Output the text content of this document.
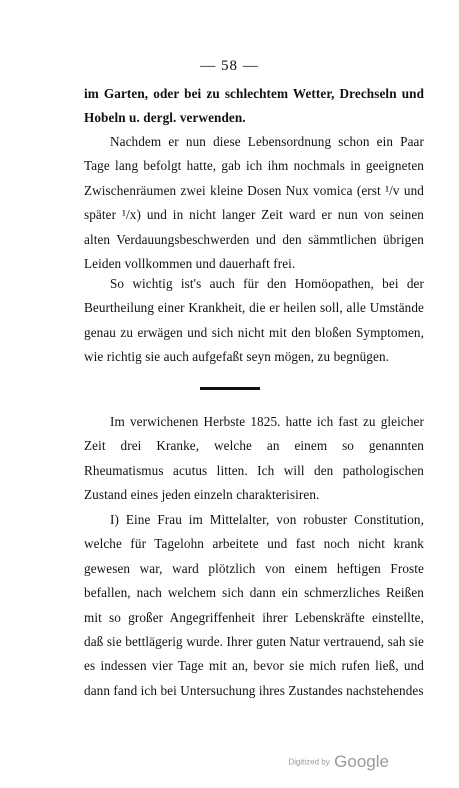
— 58 —

im Garten, oder bei zu schlechtem Wetter, Drechseln und Hobeln u. dergl. verwenden.

Nachdem er nun diese Lebensordnung schon ein Paar Tage lang befolgt hatte, gab ich ihm nochmals in geeigneten Zwischenräumen zwei kleine Dosen Nux vomica (erst ¹/v und später ¹/x) und in nicht langer Zeit ward er nun von seinen alten Verdauungsbeschwerden und den sämmtlichen übrigen Leiden vollkommen und dauerhaft frei.

So wichtig ist's auch für den Homöopathen, bei der Beurtheilung einer Krankheit, die er heilen soll, alle Umstände genau zu erwägen und sich nicht mit den bloßen Symptomen, wie richtig sie auch aufgefaßt seyn mögen, zu begnügen.

Im verwichenen Herbste 1825. hatte ich fast zu gleicher Zeit drei Kranke, welche an einem so genannten Rheumatismus acutus litten. Ich will den pathologischen Zustand eines jeden einzeln charakterisiren.

I) Eine Frau im Mittelalter, von robuster Constitution, welche für Tagelohn arbeitete und fast noch nicht krank gewesen war, ward plötzlich von einem heftigen Froste befallen, nach welchem sich dann ein schmerzliches Reißen mit so großer Angegriffenheit ihrer Lebenskräfte einstellte, daß sie bettlägerig wurde. Ihrer guten Natur vertrauend, sah sie es indessen vier Tage mit an, bevor sie mich rufen ließ, und dann fand ich bei Untersuchung ihres Zustandes nachstehendes

Digitized by Google
